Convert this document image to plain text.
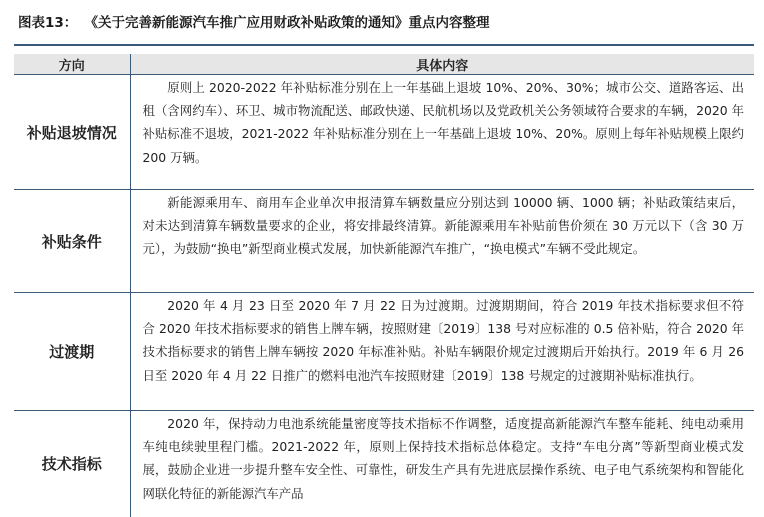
图表13： 《关于完善新能源汽车推广应用财政补贴政策的通知》重点内容整理
方向	具体内容
补贴退坡情况	原则上 2020-2022 年补贴标准分别在上一年基础上退坡 10%、20%、30%；城市公交、道路客运、出租（含网约车）、环卫、城市物流配送、邮政快递、民航机场以及党政机关公务领域符合要求的车辆，2020 年补贴标准不退坡，2021-2022 年补贴标准分别在上一年基础上退坡 10%、20%。原则上每年补贴规模上限约 200 万辆。

补贴条件	新能源乘用车、商用车企业单次申报清算车辆数量应分别达到 10000 辆、1000 辆；补贴政策结束后，对未达到清算车辆数量要求的企业，将安排最终清算。新能源乘用车补贴前售价须在 30 万元以下（含 30 万元），为鼓励“换电”新型商业模式发展，加快新能源汽车推广，“换电模式”车辆不受此规定。

过渡期	2020 年 4 月 23 日至 2020 年 7 月 22 日为过渡期。过渡期期间，符合 2019 年技术指标要求但不符合 2020 年技术指标要求的销售上牌车辆，按照财建〔2019〕138 号对应标准的 0.5 倍补贴，符合 2020 年技术指标要求的销售上牌车辆按 2020 年标准补贴。补贴车辆限价规定过渡期后开始执行。2019 年 6 月 26 日至 2020 年 4 月 22 日推广的燃料电池汽车按照财建〔2019〕138 号规定的过渡期补贴标准执行。

技术指标	2020 年，保持动力电池系统能量密度等技术指标不作调整，适度提高新能源汽车整车能耗、纯电动乘用车纯电续驶里程门槛。2021-2022 年，原则上保持技术指标总体稳定。支持“车电分离”等新型商业模式发展，鼓励企业进一步提升整车安全性、可靠性，研发生产具有先进底层操作系统、电子电气系统架构和智能化网联化特征的新能源汽车产品
